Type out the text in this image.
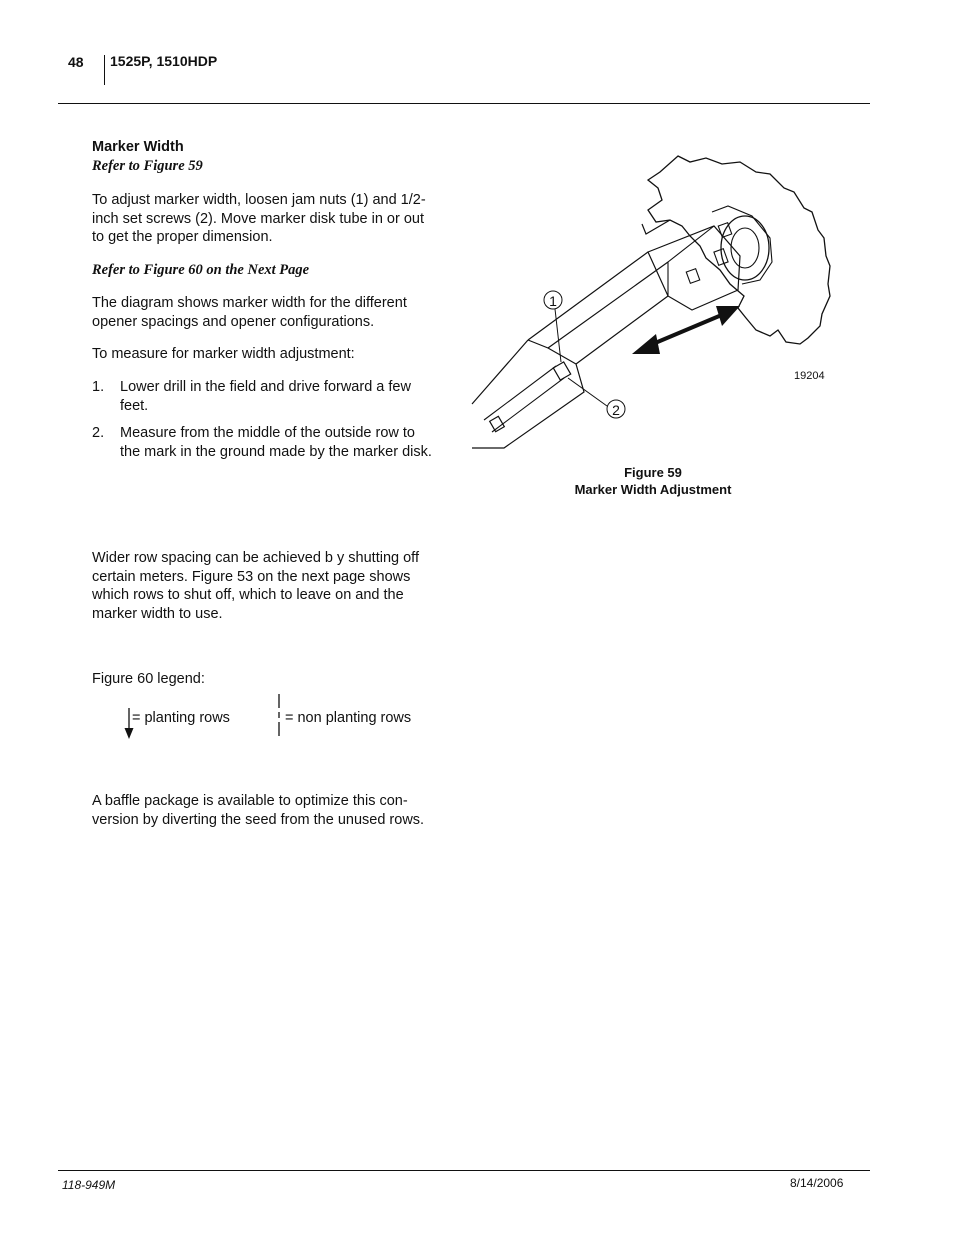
48 1525P, 1510HDP
Marker Width
Refer to Figure 59

To adjust marker width, loosen jam nuts (1) and 1/2-inch set screws (2). Move marker disk tube in or out to get the proper dimension.

Refer to Figure 60 on the Next Page

The diagram shows marker width for the different opener spacings and opener configurations.

To measure for marker width adjustment:

1. Lower drill in the field and drive forward a few feet.
2. Measure from the middle of the outside row to the mark in the ground made by the marker disk.

Wider row spacing can be achieved b y shutting off certain meters. Figure 53 on the next page shows which rows to shut off, which to leave on and the marker width to use.

Figure 60 legend:

= planting rows	= non planting rows

A baffle package is available to optimize this con-version by diverting the seed from the unused rows.

1
2
19204
Figure 59
Marker Width Adjustment
118-949M	8/14/2006
